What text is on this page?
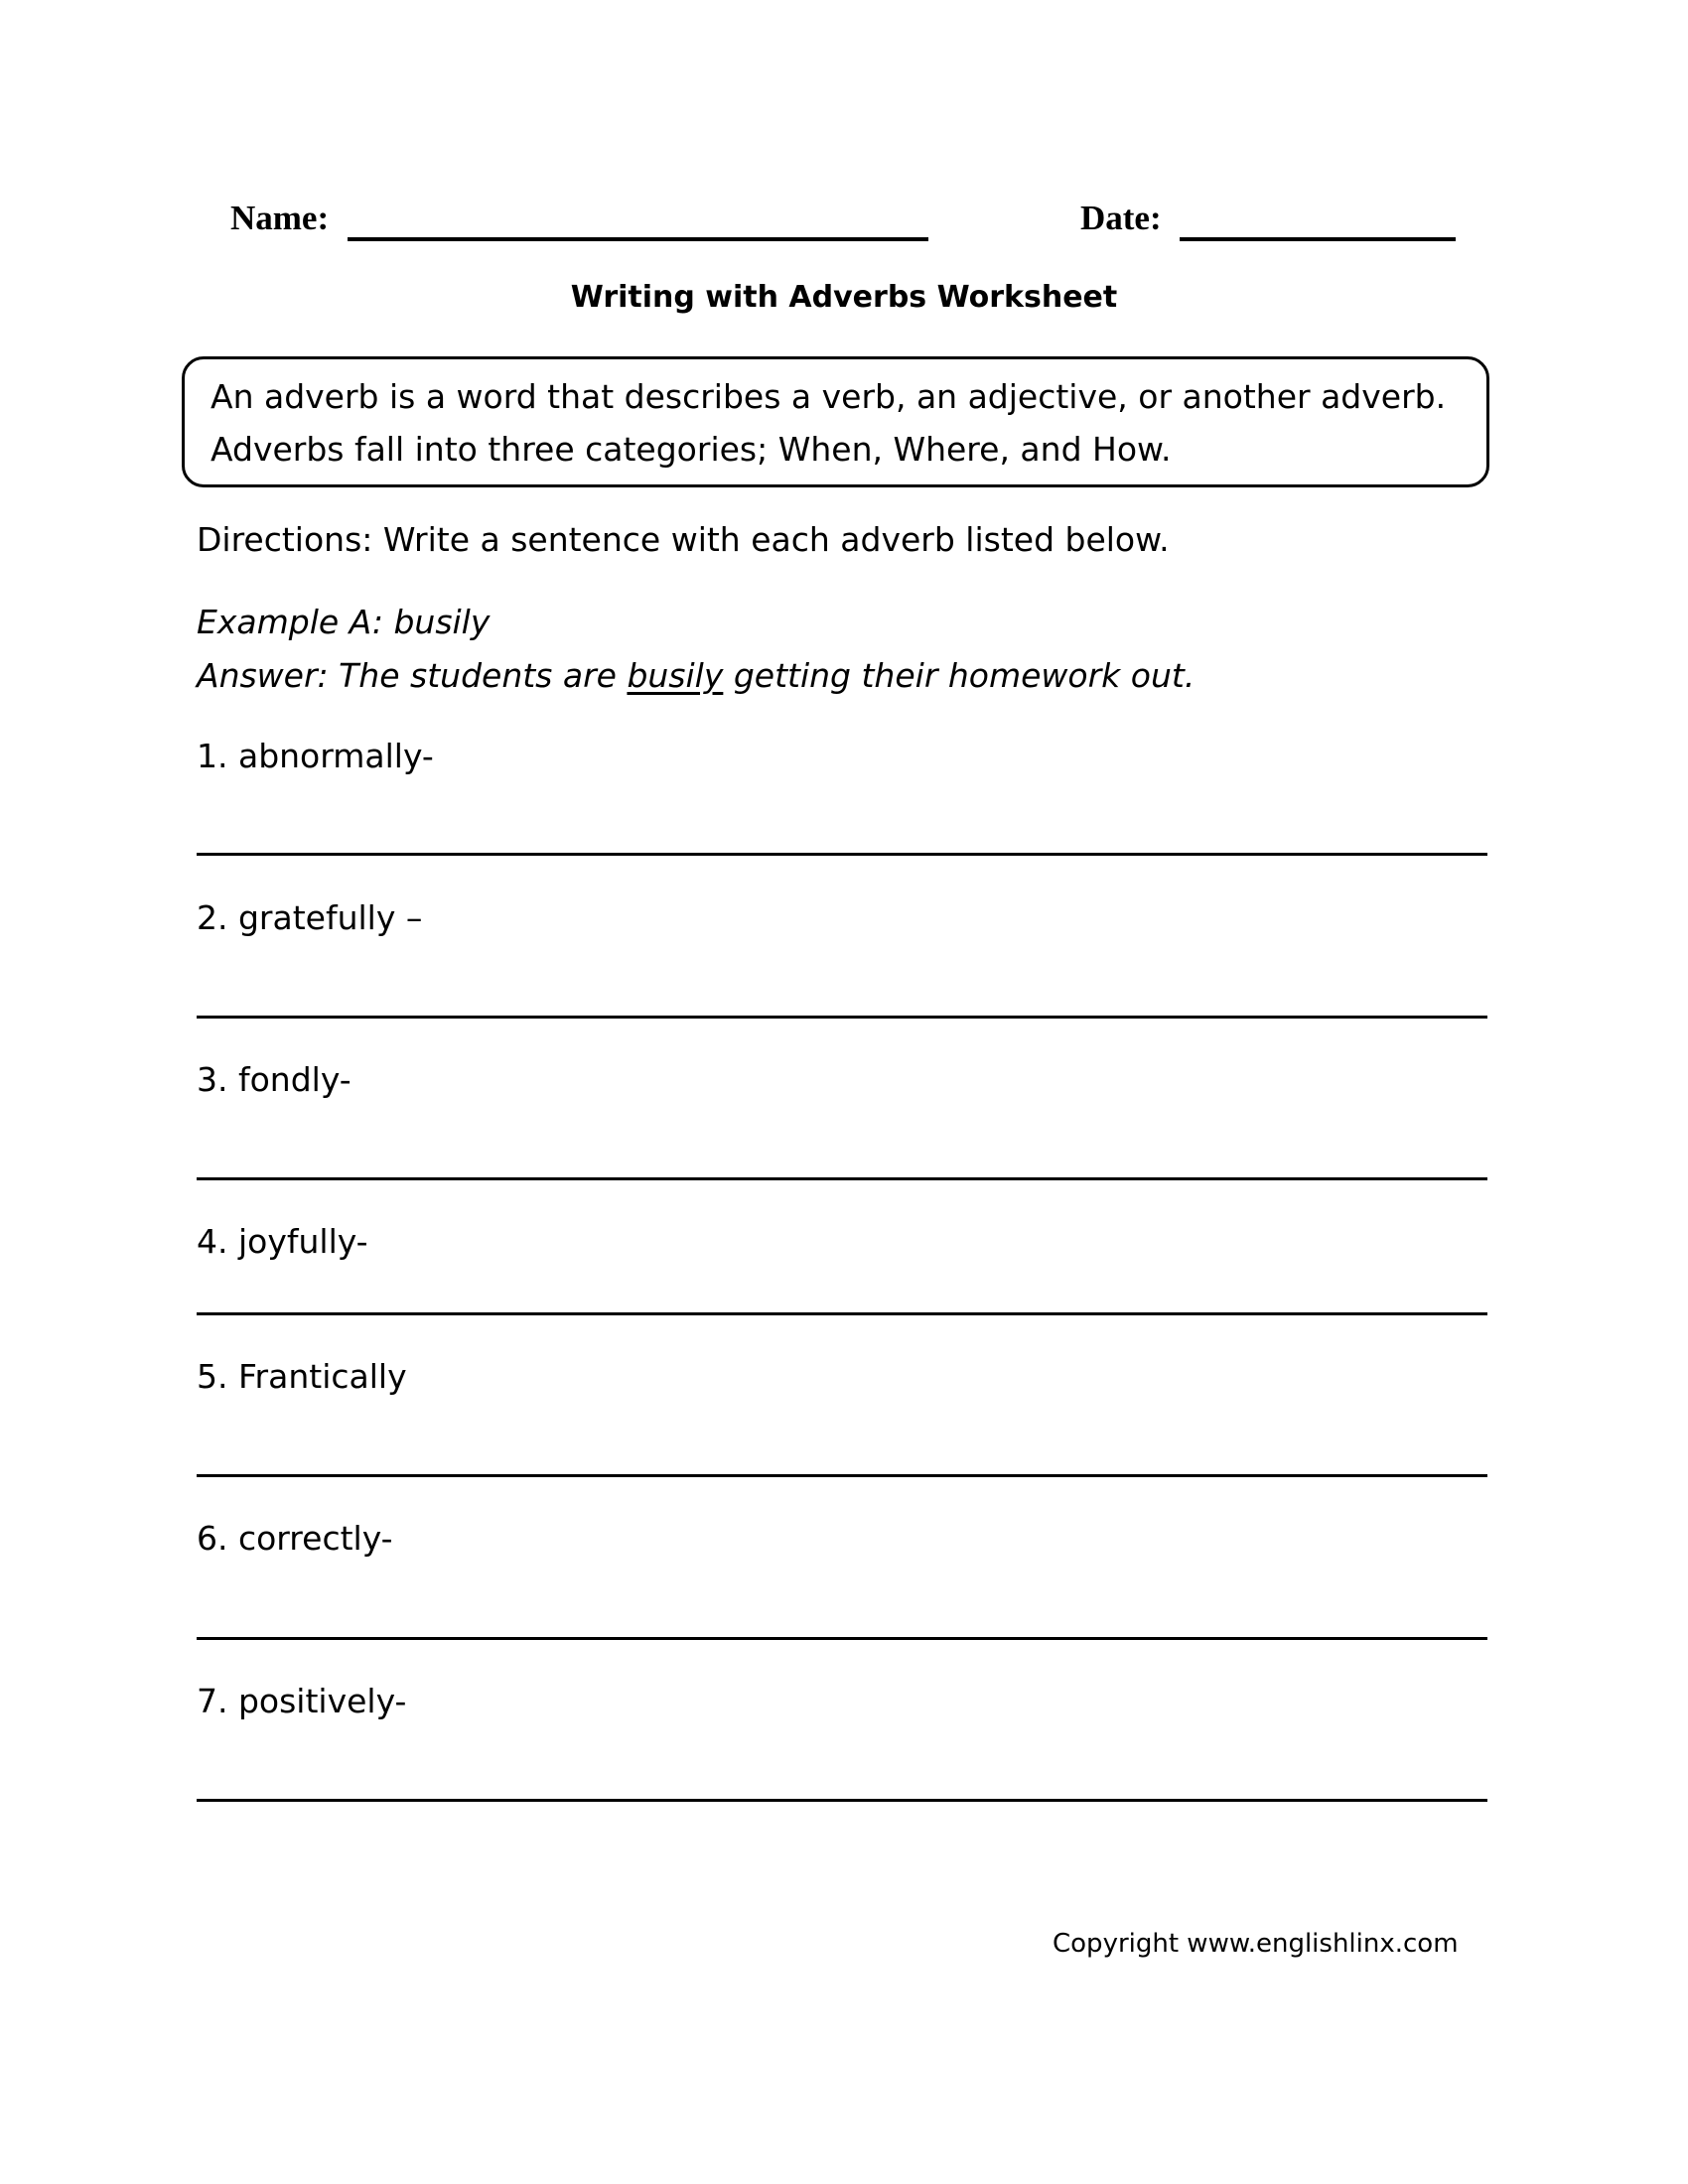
Name:	Date:
Writing with Adverbs Worksheet
An adverb is a word that describes a verb, an adjective, or another adverb.
Adverbs fall into three categories; When, Where, and How.
Directions: Write a sentence with each adverb listed below.
Example A: busily
Answer: The students are busily getting their homework out.
1. abnormally-
2. gratefully –
3. fondly-
4. joyfully-
5. Frantically
6. correctly-
7. positively-
Copyright www.englishlinx.com
